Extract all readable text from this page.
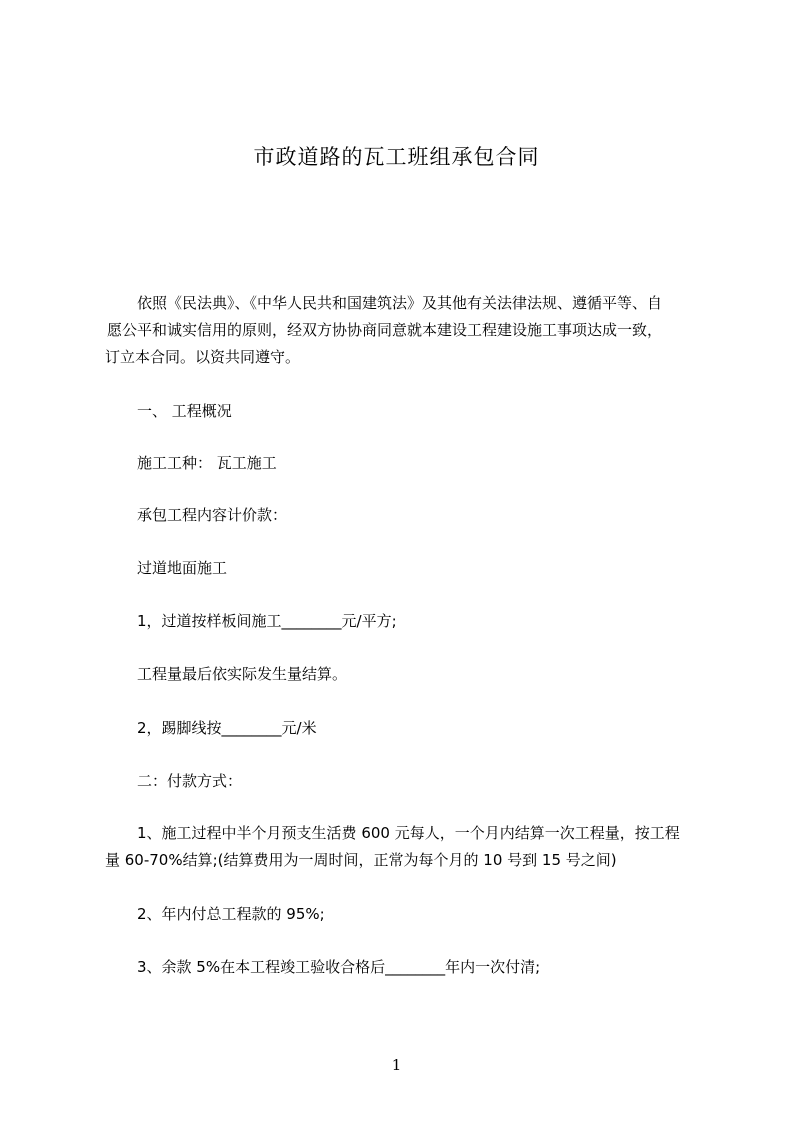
市政道路的瓦工班组承包合同
依照《民法典》、《中华人民共和国建筑法》及其他有关法律法规、遵循平等、自
愿公平和诚实信用的原则，经双方协协商同意就本建设工程建设施工事项达成一致，
订立本合同。以资共同遵守。
一、 工程概况
施工工种： 瓦工施工
承包工程内容计价款：
过道地面施工
1，过道按样板间施工________元/平方;
工程量最后依实际发生量结算。
2，踢脚线按________元/米
二：付款方式：
1、施工过程中半个月预支生活费 600 元每人，一个月内结算一次工程量，按工程
量 60-70%结算;(结算费用为一周时间，正常为每个月的 10 号到 15 号之间)
2、年内付总工程款的 95%;
3、余款 5%在本工程竣工验收合格后________年内一次付清;
1
